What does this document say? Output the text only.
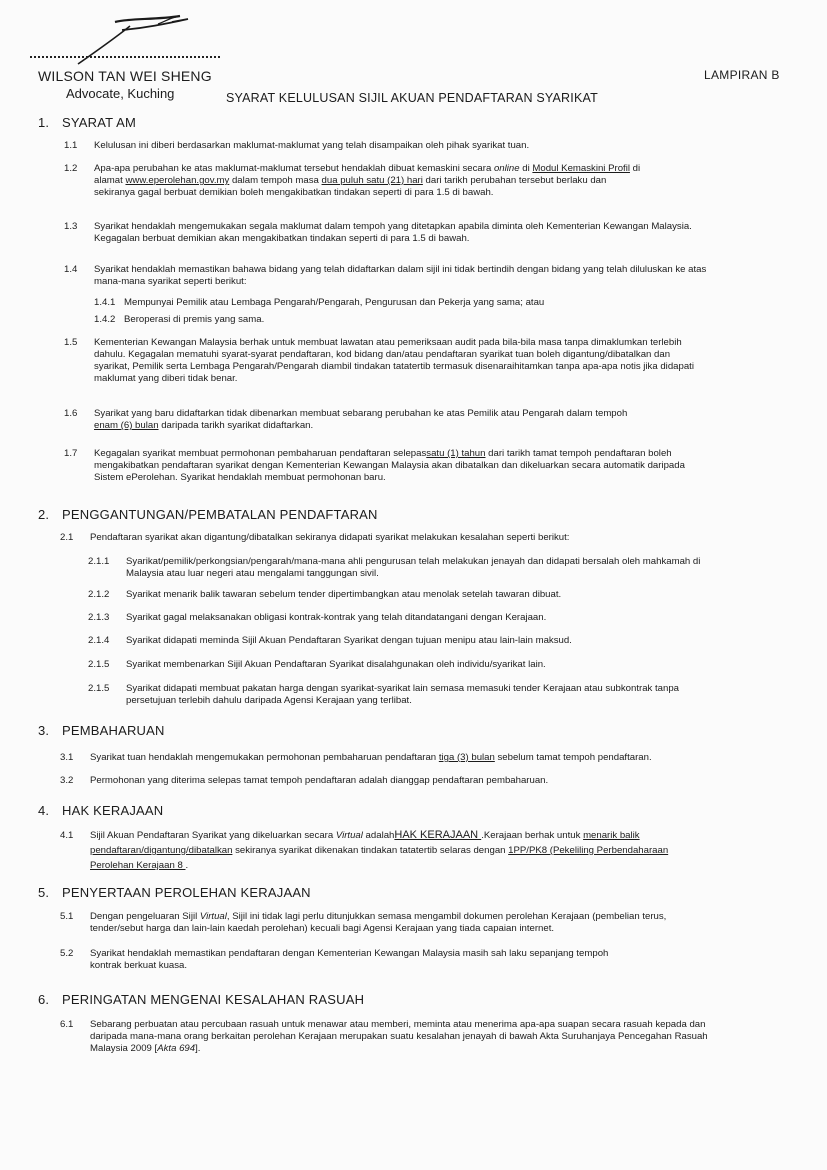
WILSON TAN WEI SHENG
Advocate, Kuching
LAMPIRAN B
SYARAT KELULUSAN SIJIL AKUAN PENDAFTARAN SYARIKAT
1. SYARAT AM
1.1 Kelulusan ini diberi berdasarkan maklumat-maklumat yang telah disampaikan oleh pihak syarikat tuan.
1.2 Apa-apa perubahan ke atas maklumat-maklumat tersebut hendaklah dibuat kemaskini secara online di Modul Kemaskini Profil di
alamat www.eperolehan.gov.my dalam tempoh masa dua puluh satu (21) hari dari tarikh perubahan tersebut berlaku dan
sekiranya gagal berbuat demikian boleh mengakibatkan tindakan seperti di para 1.5 di bawah.
1.3 Syarikat hendaklah mengemukakan segala maklumat dalam tempoh yang ditetapkan apabila diminta oleh Kementerian Kewangan Malaysia.
Kegagalan berbuat demikian akan mengakibatkan tindakan seperti di para 1.5 di bawah.
1.4 Syarikat hendaklah memastikan bahawa bidang yang telah didaftarkan dalam sijil ini tidak bertindih dengan bidang yang telah diluluskan ke atas
mana-mana syarikat seperti berikut:
1.4.1 Mempunyai Pemilik atau Lembaga Pengarah/Pengarah, Pengurusan dan Pekerja yang sama; atau
1.4.2 Beroperasi di premis yang sama.
1.5 Kementerian Kewangan Malaysia berhak untuk membuat lawatan atau pemeriksaan audit pada bila-bila masa tanpa dimaklumkan terlebih
dahulu. Kegagalan mematuhi syarat-syarat pendaftaran, kod bidang dan/atau pendaftaran syarikat tuan boleh digantung/dibatalkan dan
syarikat, Pemilik serta Lembaga Pengarah/Pengarah diambil tindakan tatatertib termasuk disenaraihitamkan tanpa apa-apa notis jika didapati
maklumat yang diberi tidak benar.
1.6 Syarikat yang baru didaftarkan tidak dibenarkan membuat sebarang perubahan ke atas Pemilik atau Pengarah dalam tempoh
enam (6) bulan daripada tarikh syarikat didaftarkan.
1.7 Kegagalan syarikat membuat permohonan pembaharuan pendaftaran selepassatu (1) tahun dari tarikh tamat tempoh pendaftaran boleh
mengakibatkan pendaftaran syarikat dengan Kementerian Kewangan Malaysia akan dibatalkan dan dikeluarkan secara automatik daripada
Sistem ePerolehan. Syarikat hendaklah membuat permohonan baru.
2. PENGGANTUNGAN/PEMBATALAN PENDAFTARAN
2.1 Pendaftaran syarikat akan digantung/dibatalkan sekiranya didapati syarikat melakukan kesalahan seperti berikut:
2.1.1 Syarikat/pemilik/perkongsian/pengarah/mana-mana ahli pengurusan telah melakukan jenayah dan didapati bersalah oleh mahkamah di
Malaysia atau luar negeri atau mengalami tanggungan sivil.
2.1.2 Syarikat menarik balik tawaran sebelum tender dipertimbangkan atau menolak setelah tawaran dibuat.
2.1.3 Syarikat gagal melaksanakan obligasi kontrak-kontrak yang telah ditandatangani dengan Kerajaan.
2.1.4 Syarikat didapati meminda Sijil Akuan Pendaftaran Syarikat dengan tujuan menipu atau lain-lain maksud.
2.1.5 Syarikat membenarkan Sijil Akuan Pendaftaran Syarikat disalahgunakan oleh individu/syarikat lain.
2.1.5 Syarikat didapati membuat pakatan harga dengan syarikat-syarikat lain semasa memasuki tender Kerajaan atau subkontrak tanpa
persetujuan terlebih dahulu daripada Agensi Kerajaan yang terlibat.
3. PEMBAHARUAN
3.1 Syarikat tuan hendaklah mengemukakan permohonan pembaharuan pendaftaran tiga (3) bulan sebelum tamat tempoh pendaftaran.
3.2 Permohonan yang diterima selepas tamat tempoh pendaftaran adalah dianggap pendaftaran pembaharuan.
4. HAK KERAJAAN
4.1 Sijil Akuan Pendaftaran Syarikat yang dikeluarkan secara Virtual adalahHAK KERAJAAN .Kerajaan berhak untuk menarik balik
pendaftaran/digantung/dibatalkan sekiranya syarikat dikenakan tindakan tatatertib selaras dengan 1PP/PK8 (Pekeliling Perbendaharaan
Perolehan Kerajaan 8 .
5. PENYERTAAN PEROLEHAN KERAJAAN
5.1 Dengan pengeluaran Sijil Virtual, Sijil ini tidak lagi perlu ditunjukkan semasa mengambil dokumen perolehan Kerajaan (pembelian terus,
tender/sebut harga dan lain-lain kaedah perolehan) kecuali bagi Agensi Kerajaan yang tiada capaian internet.
5.2 Syarikat hendaklah memastikan pendaftaran dengan Kementerian Kewangan Malaysia masih sah laku sepanjang tempoh
kontrak berkuat kuasa.
6. PERINGATAN MENGENAI KESALAHAN RASUAH
6.1 Sebarang perbuatan atau percubaan rasuah untuk menawar atau memberi, meminta atau menerima apa-apa suapan secara rasuah kepada dan
daripada mana-mana orang berkaitan perolehan Kerajaan merupakan suatu kesalahan jenayah di bawah Akta Suruhanjaya Pencegahan Rasuah
Malaysia 2009 [Akta 694].
